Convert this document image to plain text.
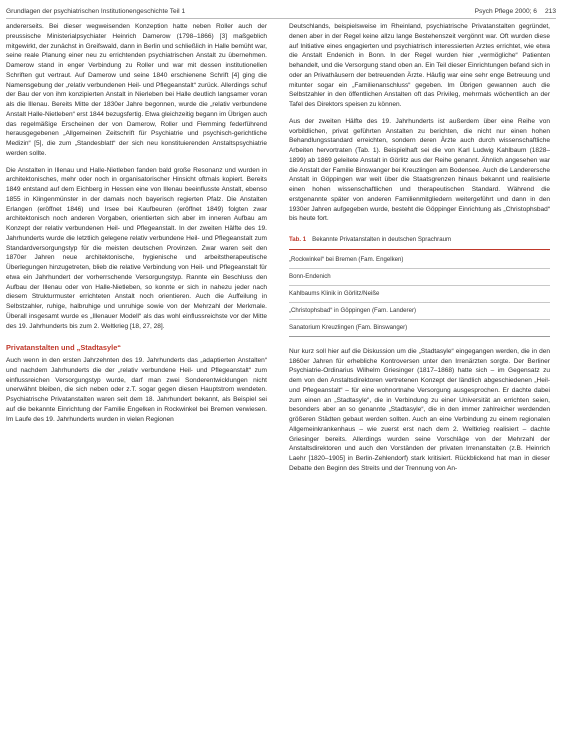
Grundlagen der psychiatrischen Institutionengeschichte Teil 1	Psych Pflege 2000; 6 213

andererseits. Bei dieser wegweisenden Konzeption hatte neben Roller auch der preussische Ministerialpsychiater Heinrich Damerow (1798–1866) [3] maßgeblich mitgewirkt, der zunächst in Greifswald, dann in Berlin und schließlich in Halle bemüht war, seine reale Planung einer neu zu errichtenden psychiatrischen Anstalt zu übernehmen. Damerow stand in enger Verbindung zu Roller und war mit dessen institutionellen Schriften gut vertraut. Auf Damerow und seine 1840 erschienene Schrift [4] ging die Namensgebung der „relativ verbundenen Heil- und Pflegeanstalt“ zurück. Allerdings schuf der Bau der von ihm konzipierten Anstalt in Nierleben bei Halle deutlich langsamer voran als die Illenau. Bereits Mitte der 1830er Jahre begonnen, wurde die „relativ verbundene Anstalt Halle-Nietleben“ erst 1844 bezugsfertig. Etwa gleichzeitig begann im Übrigen auch das regelmäßige Erscheinen der von Damerow, Roller und Flemming federführend herausgegebenen „Allgemeinen Zeitschrift für Psychiatrie und psychisch-gerichtliche Medizin“ [5], die zum „Standesblatt“ der sich neu konstituierenden Anstaltspsychiatrie werden sollte.

Die Anstalten in Illenau und Halle-Nietleben fanden bald große Resonanz und wurden in architektonisches, mehr oder noch in organisatorischer Hinsicht oftmals kopiert. Bereits 1849 entstand auf dem Eichberg in Hessen eine von Illenau beeinflusste Anstalt, ebenso 1855 in Klingenmünster in der damals noch bayerisch regierten Pfalz. Die Anstalten Erlangen (eröffnet 1846) und Irsee bei Kaufbeuren (eröffnet 1849) folgten zwar architektonisch noch anderen Vorgaben, orientierten sich aber im inneren Aufbau am Konzept der relativ verbundenen Heil- und Pflegeanstalt. In der zweiten Hälfte des 19. Jahrhunderts wurde die letztlich gelegene relativ verbundene Heil- und Pflegeanstalt zum Standardversorgungstyp für die meisten deutschen Provinzen. Zwar waren seit den 1870er Jahren neue architektonische, hygienische und arbeitstherapeutische Überlegungen hinzugetreten, blieb die relative Verbindung von Heil- und Pflegeanstalt für etwa ein Jahrhundert der vorherrschende Versorgungstyp. Rannte ein Beschluss den Aufbau der Illenau oder von Halle-Nietleben, so konnte er sich in nahezu jeder nach diesem Strukturmuster errichteten Anstalt noch orientieren. Auch die Auffeilung in Selbstzahler, ruhige, halbruhige und unruhige sowie von der Mehrzahl der Merkmale. Überall insgesamt wurde es „Illenauer Modell“ als das wohl einflussreichste vor der Mitte des 19. Jahrhunderts bis zum 2. Weltkrieg [18, 27, 28].

Privatanstalten und „Stadtasyle“

Auch wenn in den ersten Jahrzehnten des 19. Jahrhunderts das „adaptierten Anstalten“ und nachdem Jahrhunderts die der „relativ verbundene Heil- und Pflegeanstalt“ zum einflussreichen Versorgungstyp wurde, darf man zwei Sonderentwicklungen nicht unerwähnt bleiben, die sich neben oder z.T. sogar gegen diesen Hauptstrom wendeten. Psychiatrische Privatanstalten waren seit dem 18. Jahrhundert bekannt, als Beispiel sei auf die bekannte Einrichtung der Familie Engelken in Rockwinkel bei Bremen verwiesen. Im Laufe des 19. Jahrhunderts wurden in vielen Regionen

Deutschlands, beispielsweise im Rheinland, psychiatrische Privatanstalten gegründet, denen aber in der Regel keine allzu lange Bestehenszeit vergönnt war. Oft wurden diese auf Initiative eines engagierten und psychiatrisch interessierten Arztes errichtet, wie etwa die Anstalt Endenich in Bonn. In der Regel wurden hier „vermögliche“ Patienten behandelt, und die Versorgung stand oben an. Ein Teil dieser Einrichtungen befand sich in oder an Privathäusern der betreuenden Ärzte. Häufig war eine sehr enge Betreuung und mitunter sogar ein „Familienanschluss“ gegeben. Im Übrigen gewannen auch die Selbstzahler in den öffentlichen Anstalten oft das Privileg, mehrmals wöchentlich an der Tafel des Direktors speisen zu können.

Aus der zweiten Hälfte des 19. Jahrhunderts ist außerdem über eine Reihe von vorbildlichen, privat geführten Anstalten zu berichten, die nicht nur einen hohen Behandlungsstandard erreichten, sondern deren Ärzte auch durch wissenschaftliche Arbeiten hervortraten (Tab. 1). Beispielhaft sei die von Karl Ludwig Kahlbaum (1828–1899) ab 1869 geleitete Anstalt in Görlitz aus der Reihe genannt. Ähnlich angesehen war die Anstalt der Familie Binswanger bei Kreuzlingen am Bodensee. Auch die Landerersche Anstalt in Göppingen war weit über die Staatsgrenzen hinaus bekannt und realisierte einen hohen wissenschaftlichen und therapeutischen Standard. Während die erstgenannte später von anderen Familienmitgliedern weitergeführt und dann in den 1930er Jahren aufgegeben wurde, besteht die Göppinger Einrichtung als „Christophsbad“ bis heute fort.

Tab. 1 Bekannte Privatanstalten in deutschen Sprachraum
„Rockwinkel“ bei Bremen (Fam. Engelken)
Bonn-Endenich
Kahlbaums Klinik in Görlitz/Neiße
„Christophsbad“ in Göppingen (Fam. Landerer)
Sanatorium Kreuzlingen (Fam. Binswanger)

Nur kurz soll hier auf die Diskussion um die „Stadtasyle“ eingegangen werden, die in den 1860er Jahren für erhebliche Kontroversen unter den Irrenärzten sorgte. Der Berliner Psychiatrie-Ordinarius Wilhelm Griesinger (1817–1868) hatte sich – im Gegensatz zu dem von den Anstaltsdirektoren vertretenen Konzept der ländlich abgeschiedenen „Heil- und Pflegeanstalt“ – für eine wohnortnahe Versorgung ausgesprochen. Er dachte dabei zum einen an „Stadtasyle“, die in Verbindung zu einer Universität an errichten seien, besonders aber an so genannte „Stadtasyle“, die in den immer zahlreicher werdenden größeren Städten gebaut werden sollten. Auch an eine Verbindung zu einem regionalen Allgemeinkrankenhaus – wie zuerst erst nach dem 2. Weltkrieg realisiert – dachte Griesinger bereits. Allerdings wurden seine Vorschläge von der Mehrzahl der Anstaltsdirektoren und auch den Vorständen der privaten Irrenanstalten (z.B. Heinrich Laehr [1820–1905] in Berlin-Zehlendorf) stark kritisiert. Rückblickend hat man in dieser Debatte den Beginn des Streits und der Trennung von An-
